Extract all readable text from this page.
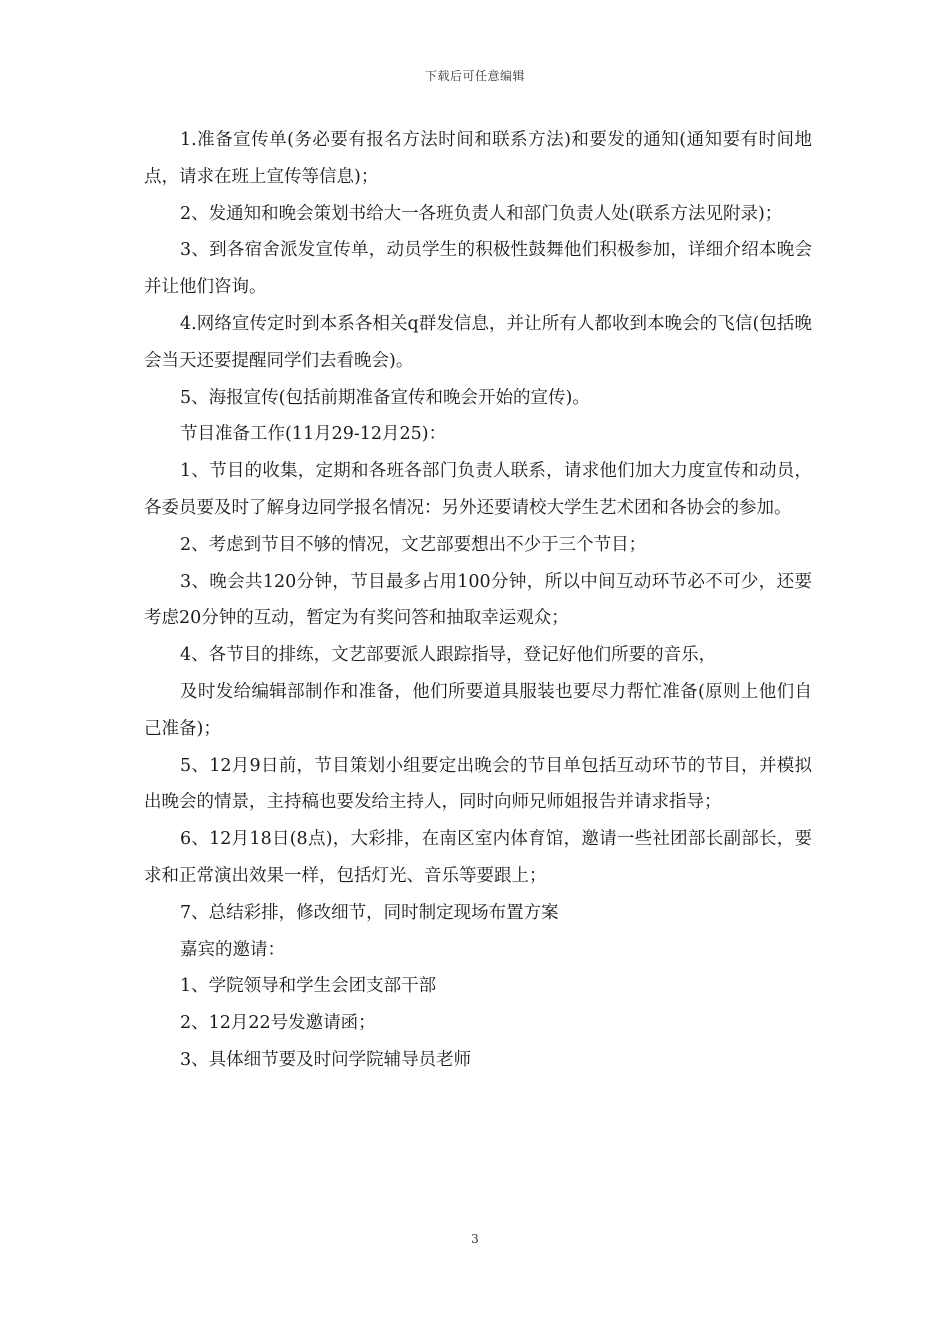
下载后可任意编辑

1.准备宣传单(务必要有报名方法时间和联系方法)和要发的通知(通知要有时间地点，请求在班上宣传等信息)；

2、发通知和晚会策划书给大一各班负责人和部门负责人处(联系方法见附录)；

3、到各宿舍派发宣传单，动员学生的积极性鼓舞他们积极参加，详细介绍本晚会并让他们咨询。

4.网络宣传定时到本系各相关q群发信息，并让所有人都收到本晚会的飞信(包括晚会当天还要提醒同学们去看晚会)。

5、海报宣传(包括前期准备宣传和晚会开始的宣传)。

节目准备工作(11月29-12月25)：

1、节目的收集，定期和各班各部门负责人联系，请求他们加大力度宣传和动员，各委员要及时了解身边同学报名情况：另外还要请校大学生艺术团和各协会的参加。

2、考虑到节目不够的情况，文艺部要想出不少于三个节目；

3、晚会共120分钟，节目最多占用100分钟，所以中间互动环节必不可少，还要考虑20分钟的互动，暂定为有奖问答和抽取幸运观众；

4、各节目的排练，文艺部要派人跟踪指导，登记好他们所要的音乐，

及时发给编辑部制作和准备，他们所要道具服装也要尽力帮忙准备(原则上他们自己准备)；

5、12月9日前，节目策划小组要定出晚会的节目单包括互动环节的节目，并模拟出晚会的情景，主持稿也要发给主持人，同时向师兄师姐报告并请求指导；

6、12月18日(8点)，大彩排，在南区室内体育馆，邀请一些社团部长副部长，要求和正常演出效果一样，包括灯光、音乐等要跟上；

7、总结彩排，修改细节，同时制定现场布置方案

嘉宾的邀请：

1、学院领导和学生会团支部干部

2、12月22号发邀请函；

3、具体细节要及时问学院辅导员老师

3
